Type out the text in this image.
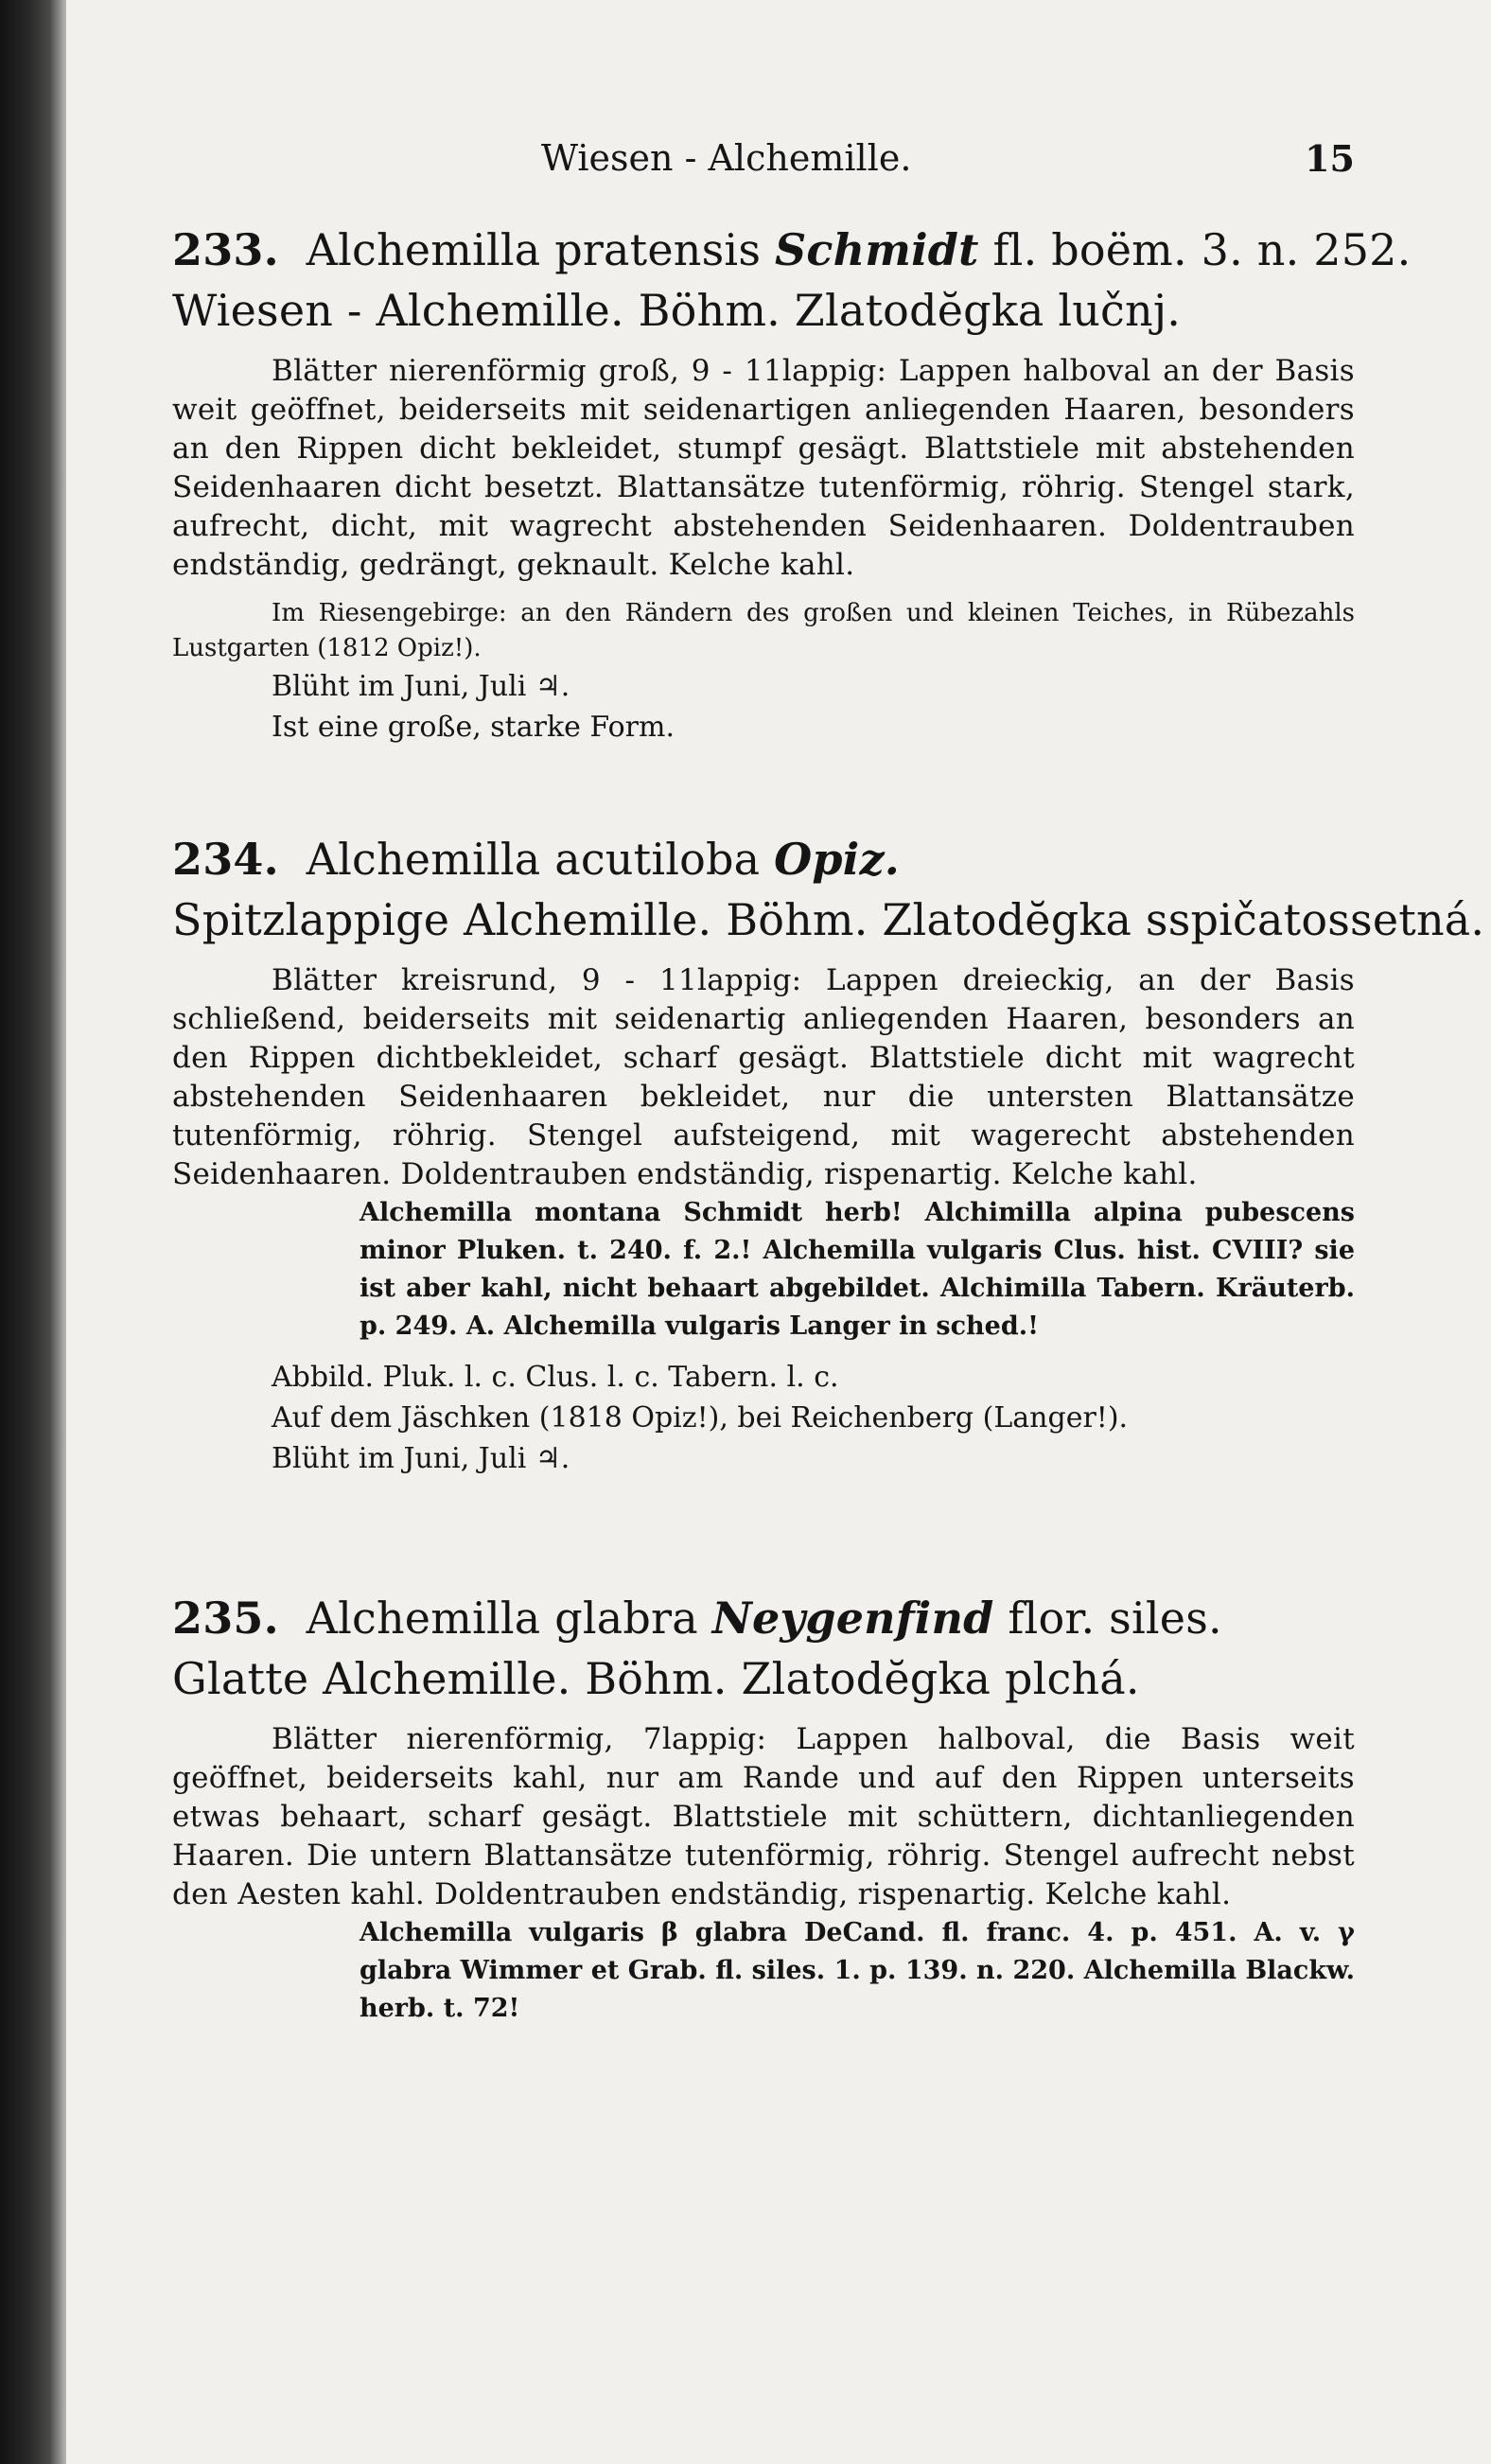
Wiesen - Alchemille.	15

233. Alchemilla pratensis Schmidt fl. boëm. 3. n. 252.

Wiesen - Alchemille. Böhm. Zlatodĕgka lučnj.

Blätter nierenförmig groß, 9 - 11lappig: Lappen halboval an der Basis weit geöffnet, beiderseits mit seidenartigen anliegenden Haaren, besonders an den Rippen dicht bekleidet, stumpf gesägt. Blattstiele mit abstehenden Seidenhaaren dicht besetzt. Blattansätze tutenförmig, röhrig. Stengel stark, aufrecht, dicht, mit wagrecht abstehenden Seidenhaaren. Doldentrauben endständig, gedrängt, geknault. Kelche kahl.

Im Riesengebirge: an den Rändern des großen und kleinen Teiches, in Rübezahls Lustgarten (1812 Opiz!).

Blüht im Juni, Juli ♃.

Ist eine große, starke Form.

234. Alchemilla acutiloba Opiz.

Spitzlappige Alchemille. Böhm. Zlatodĕgka sspičatossetná.

Blätter kreisrund, 9 - 11lappig: Lappen dreieckig, an der Basis schließend, beiderseits mit seidenartig anliegenden Haaren, besonders an den Rippen dichtbekleidet, scharf gesägt. Blattstiele dicht mit wagrecht abstehenden Seidenhaaren bekleidet, nur die untersten Blattansätze tutenförmig, röhrig. Stengel aufsteigend, mit wagerecht abstehenden Seidenhaaren. Doldentrauben endständig, rispenartig. Kelche kahl.

Alchemilla montana Schmidt herb! Alchimilla alpina pubescens minor Pluken. t. 240. f. 2.! Alchemilla vulgaris Clus. hist. CVIII? sie ist aber kahl, nicht behaart abgebildet. Alchimilla Tabern. Kräuterb. p. 249. A. Alchemilla vulgaris Langer in sched.!

Abbild. Pluk. l. c. Clus. l. c. Tabern. l. c.

Auf dem Jäschken (1818 Opiz!), bei Reichenberg (Langer!).

Blüht im Juni, Juli ♃.

235. Alchemilla glabra Neygenfind flor. siles.

Glatte Alchemille. Böhm. Zlatodĕgka plchá.

Blätter nierenförmig, 7lappig: Lappen halboval, die Basis weit geöffnet, beiderseits kahl, nur am Rande und auf den Rippen unterseits etwas behaart, scharf gesägt. Blattstiele mit schüttern, dichtanliegenden Haaren. Die untern Blattansätze tutenförmig, röhrig. Stengel aufrecht nebst den Aesten kahl. Doldentrauben endständig, rispenartig. Kelche kahl.

Alchemilla vulgaris β glabra DeCand. fl. franc. 4. p. 451. A. v. γ glabra Wimmer et Grab. fl. siles. 1. p. 139. n. 220. Alchemilla Blackw. herb. t. 72!
